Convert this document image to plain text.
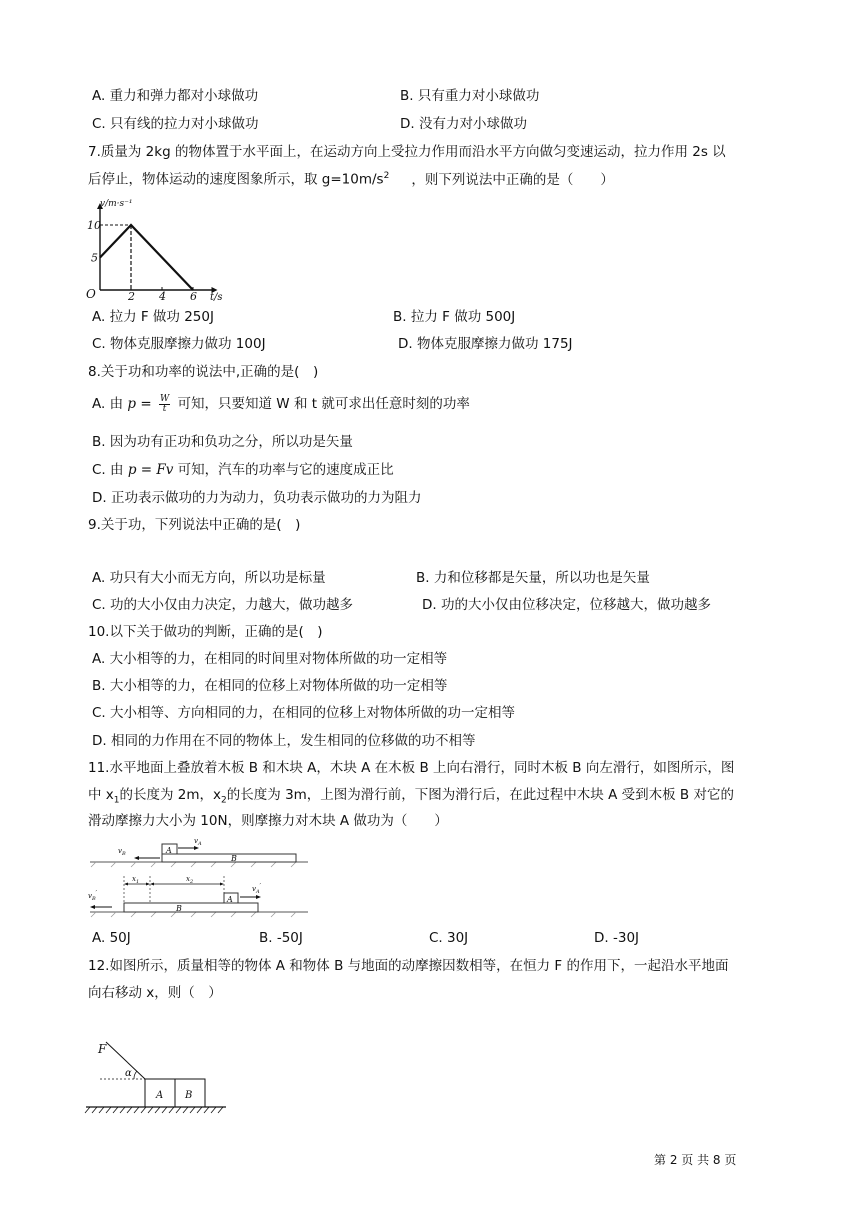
A. 重力和弹力都对小球做功	B. 只有重力对小球做功
C. 只有线的拉力对小球做功	D. 没有力对小球做功
7.质量为 2kg 的物体置于水平面上，在运动方向上受拉力作用而沿水平方向做匀变速运动，拉力作用 2s 以
后停止，物体运动的速度图象所示，取 $g=10m/s^2$ ，则下列说法中正确的是（　　）
v/m·s⁻¹
t/s
O
10
5
2 4 6
A. 拉力 F 做功 250J	B. 拉力 F 做功 500J
C. 物体克服摩擦力做功 100J	D. 物体克服摩擦力做功 175J
8.关于功和功率的说法中,正确的是(　)
A. 由 $p = \frac{W}{t}$ 可知，只要知道 W 和 t 就可求出任意时刻的功率
B. 因为功有正功和负功之分，所以功是矢量
C. 由 p = Fv 可知，汽车的功率与它的速度成正比
D. 正功表示做功的力为动力，负功表示做功的力为阻力
9.关于功，下列说法中正确的是(　)
A. 功只有大小而无方向，所以功是标量	B. 力和位移都是矢量，所以功也是矢量
C. 功的大小仅由力决定，力越大，做功越多	D. 功的大小仅由位移决定，位移越大，做功越多
10.以下关于做功的判断，正确的是(　)
A. 大小相等的力，在相同的时间里对物体所做的功一定相等
B. 大小相等的力，在相同的位移上对物体所做的功一定相等
C. 大小相等、方向相同的力，在相同的位移上对物体所做的功一定相等
D. 相同的力作用在不同的物体上，发生相同的位移做的功不相等
11.水平地面上叠放着木板 B 和木块 A，木块 A 在木板 B 上向右滑行，同时木板 B 向左滑行，如图所示，图
中 $x_1$的长度为 2m，$x_2$的长度为 3m，上图为滑行前，下图为滑行后，在此过程中木块 A 受到木板 B 对它的
滑动摩擦力大小为 10N，则摩擦力对木块 A 做功为（　　）
B
A
$v_B$
$v_A$
B
A
$x_1$	$x_2$
$v_B'$
$v_A'$
A. 50J	B. -50J	C. 30J	D. -30J
12.如图所示，质量相等的物体 A 和物体 B 与地面的动摩擦因数相等，在恒力 F 的作用下，一起沿水平地面
向右移动 x，则（　）
F
α
A B
第 2 页 共 8 页
